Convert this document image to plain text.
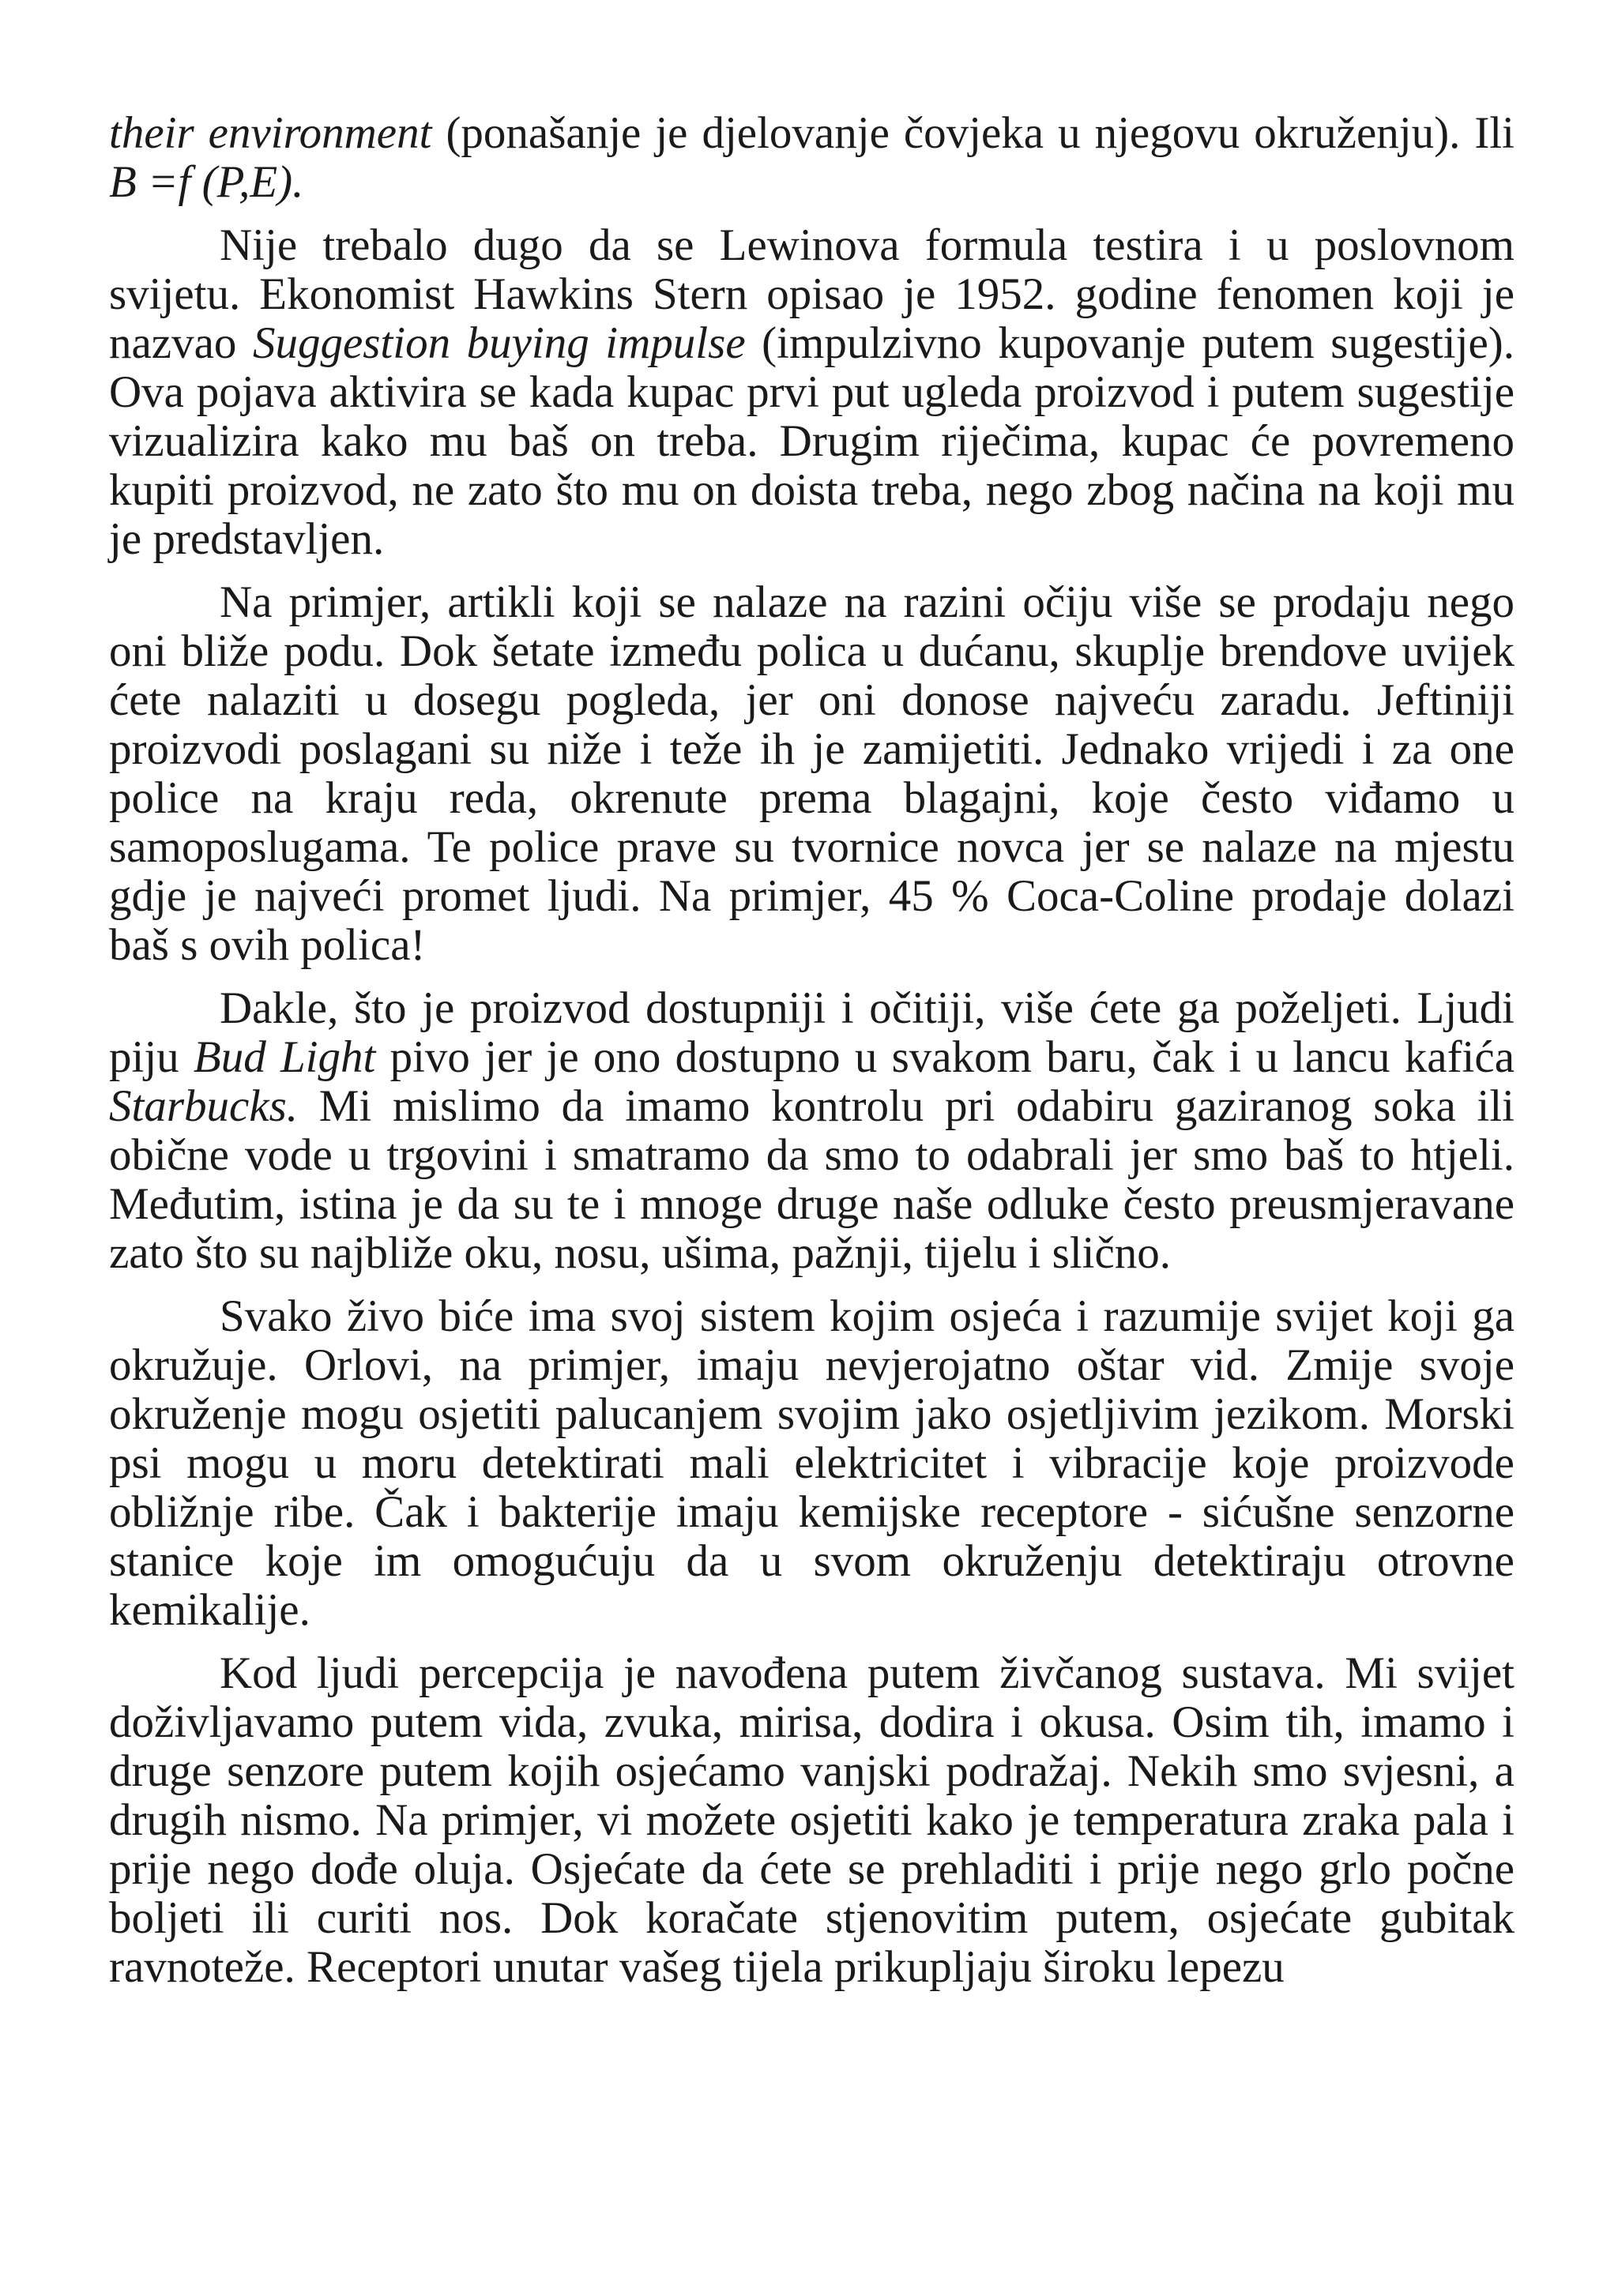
their environment (ponašanje je djelovanje čovjeka u njegovu okruženju). Ili B =f (P,E).

Nije trebalo dugo da se Lewinova formula testira i u poslovnom svijetu. Ekonomist Hawkins Stern opisao je 1952. godine fenomen koji je nazvao Suggestion buying impulse (impulzivno kupovanje putem sugestije). Ova pojava aktivira se kada kupac prvi put ugleda proizvod i putem sugestije vizualizira kako mu baš on treba. Drugim riječima, kupac će povremeno kupiti proizvod, ne zato što mu on doista treba, nego zbog načina na koji mu je predstavljen.

Na primjer, artikli koji se nalaze na razini očiju više se prodaju nego oni bliže podu. Dok šetate između polica u dućanu, skuplje brendove uvijek ćete nalaziti u dosegu pogleda, jer oni donose najveću zaradu. Jeftiniji proizvodi poslagani su niže i teže ih je zamijetiti. Jednako vrijedi i za one police na kraju reda, okrenute prema blagajni, koje često viđamo u samoposlugama. Te police prave su tvornice novca jer se nalaze na mjestu gdje je najveći promet ljudi. Na primjer, 45 % Coca-Coline prodaje dolazi baš s ovih polica!

Dakle, što je proizvod dostupniji i očitiji, više ćete ga poželjeti. Ljudi piju Bud Light pivo jer je ono dostupno u svakom baru, čak i u lancu kafića Starbucks. Mi mislimo da imamo kontrolu pri odabiru gaziranog soka ili obične vode u trgovini i smatramo da smo to odabrali jer smo baš to htjeli. Međutim, istina je da su te i mnoge druge naše odluke često preusmjeravane zato što su najbliže oku, nosu, ušima, pažnji, tijelu i slično.

Svako živo biće ima svoj sistem kojim osjeća i razumije svijet koji ga okružuje. Orlovi, na primjer, imaju nevjerojatno oštar vid. Zmije svoje okruženje mogu osjetiti palucanjem svojim jako osjetljivim jezikom. Morski psi mogu u moru detektirati mali elektricitet i vibracije koje proizvode obližnje ribe. Čak i bakterije imaju kemijske receptore - sićušne senzorne stanice koje im omogućuju da u svom okruženju detektiraju otrovne kemikalije.

Kod ljudi percepcija je navođena putem živčanog sustava. Mi svijet doživljavamo putem vida, zvuka, mirisa, dodira i okusa. Osim tih, imamo i druge senzore putem kojih osjećamo vanjski podražaj. Nekih smo svjesni, a drugih nismo. Na primjer, vi možete osjetiti kako je temperatura zraka pala i prije nego dođe oluja. Osjećate da ćete se prehladiti i prije nego grlo počne boljeti ili curiti nos. Dok koračate stjenovitim putem, osjećate gubitak ravnoteže. Receptori unutar vašeg tijela prikupljaju široku lepezu
